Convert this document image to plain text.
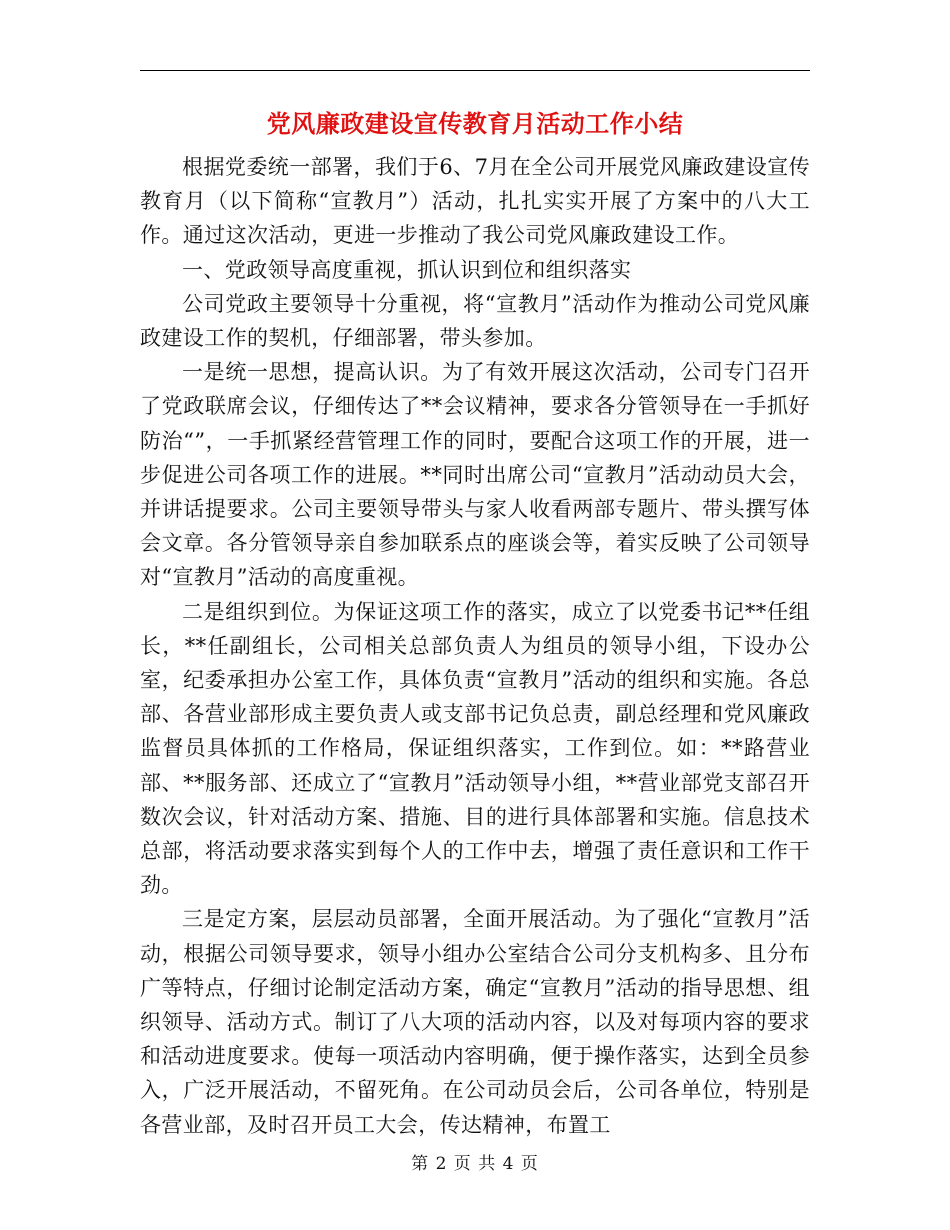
党风廉政建设宣传教育月活动工作小结

根据党委统一部署，我们于6、7月在全公司开展党风廉政建设宣传教育月（以下简称“宣教月”）活动，扎扎实实开展了方案中的八大工作。通过这次活动，更进一步推动了我公司党风廉政建设工作。

一、党政领导高度重视，抓认识到位和组织落实

公司党政主要领导十分重视，将“宣教月”活动作为推动公司党风廉政建设工作的契机，仔细部署，带头参加。

一是统一思想，提高认识。为了有效开展这次活动，公司专门召开了党政联席会议，仔细传达了**会议精神，要求各分管领导在一手抓好防治“”，一手抓紧经营管理工作的同时，要配合这项工作的开展，进一步促进公司各项工作的进展。**同时出席公司“宣教月”活动动员大会，并讲话提要求。公司主要领导带头与家人收看两部专题片、带头撰写体会文章。各分管领导亲自参加联系点的座谈会等，着实反映了公司领导对“宣教月”活动的高度重视。

二是组织到位。为保证这项工作的落实，成立了以党委书记**任组长，**任副组长，公司相关总部负责人为组员的领导小组，下设办公室，纪委承担办公室工作，具体负责“宣教月”活动的组织和实施。各总部、各营业部形成主要负责人或支部书记负总责，副总经理和党风廉政监督员具体抓的工作格局，保证组织落实，工作到位。如：**路营业部、**服务部、还成立了“宣教月”活动领导小组，**营业部党支部召开数次会议，针对活动方案、措施、目的进行具体部署和实施。信息技术总部，将活动要求落实到每个人的工作中去，增强了责任意识和工作干劲。

三是定方案，层层动员部署，全面开展活动。为了强化“宣教月”活动，根据公司领导要求，领导小组办公室结合公司分支机构多、且分布广等特点，仔细讨论制定活动方案，确定“宣教月”活动的指导思想、组织领导、活动方式。制订了八大项的活动内容，以及对每项内容的要求和活动进度要求。使每一项活动内容明确，便于操作落实，达到全员参入，广泛开展活动，不留死角。在公司动员会后，公司各单位，特别是各营业部，及时召开员工大会，传达精神，布置工

第 2 页 共 4 页
